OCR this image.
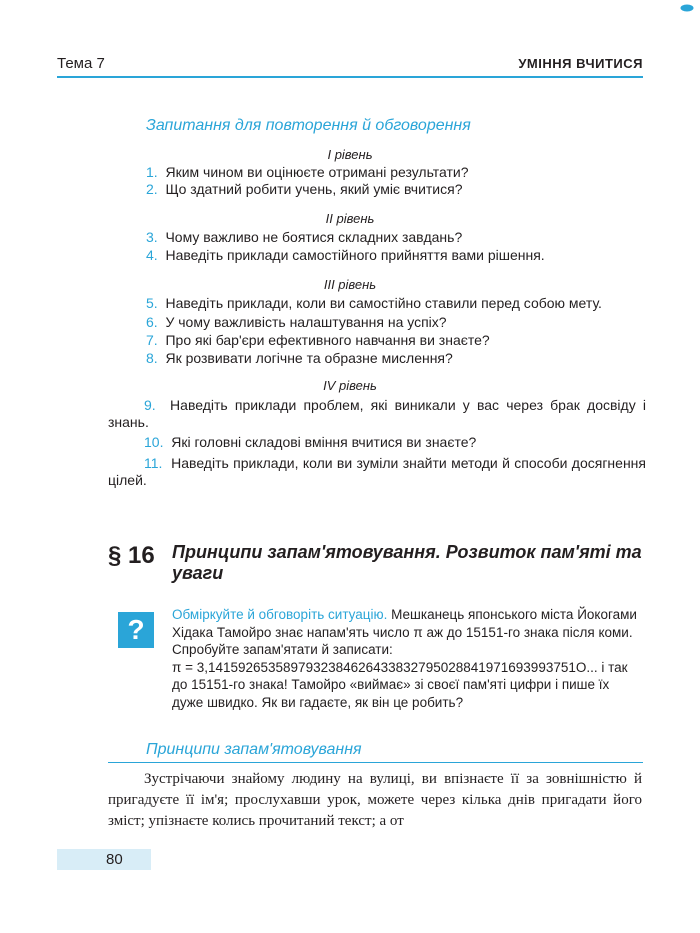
Тема 7	УМІННЯ ВЧИТИСЯ
Запитання для повторення й обговорення
I рівень
1. Яким чином ви оцінюєте отримані результати?
2. Що здатний робити учень, який уміє вчитися?
II рівень
3. Чому важливо не боятися складних завдань?
4. Наведіть приклади самостійного прийняття вами рішення.
III рівень
5. Наведіть приклади, коли ви самостійно ставили перед собою мету.
6. У чому важливість налаштування на успіх?
7. Про які бар'єри ефективного навчання ви знаєте?
8. Як розвивати логічне та образне мислення?
IV рівень
9. Наведіть приклади проблем, які виникали у вас через брак досвіду і знань.
10. Які головні складові вміння вчитися ви знаєте?
11. Наведіть приклади, коли ви зуміли знайти методи й способи досягнення цілей.
§ 16 Принципи запам'ятовування. Розвиток пам'яті та уваги
?	Обміркуйте й обговоріть ситуацію. Мешканець японського міста Йокогами Хідака Тамойро знає напам'ять число π аж до 15151-го знака після коми. Спробуйте запам'ятати й записати:

π = 3,1415926535897932384626433832795028841971693993751О... і так

до 15151-го знака! Тамойро «виймає» зі своєї пам'яті цифри і пише їх дуже швидко. Як ви гадаєте, як він це робить?

Принципи запам'ятовування
Зустрічаючи знайому людину на вулиці, ви впізнаєте її за зовнішністю й пригадуєте її ім'я; прослухавши урок, можете через кілька днів пригадати його зміст; упізнаєте колись прочитаний текст; а от
80
